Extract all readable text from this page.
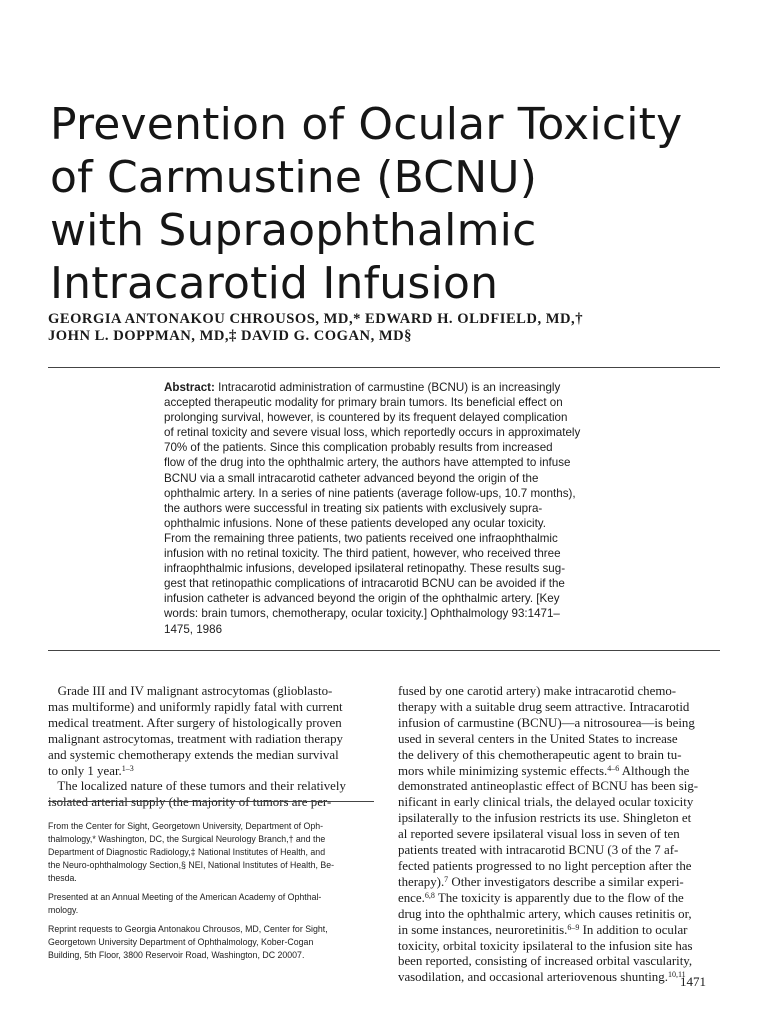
Prevention of Ocular Toxicity
of Carmustine (BCNU)
with Supraophthalmic
Intracarotid Infusion
GEORGIA ANTONAKOU CHROUSOS, MD,* EDWARD H. OLDFIELD, MD,†
JOHN L. DOPPMAN, MD,‡ DAVID G. COGAN, MD§
Abstract: Intracarotid administration of carmustine (BCNU) is an increasingly
accepted therapeutic modality for primary brain tumors. Its beneficial effect on
prolonging survival, however, is countered by its frequent delayed complication
of retinal toxicity and severe visual loss, which reportedly occurs in approximately
70% of the patients. Since this complication probably results from increased
flow of the drug into the ophthalmic artery, the authors have attempted to infuse
BCNU via a small intracarotid catheter advanced beyond the origin of the
ophthalmic artery. In a series of nine patients (average follow-ups, 10.7 months),
the authors were successful in treating six patients with exclusively supra-
ophthalmic infusions. None of these patients developed any ocular toxicity.
From the remaining three patients, two patients received one infraophthalmic
infusion with no retinal toxicity. The third patient, however, who received three
infraophthalmic infusions, developed ipsilateral retinopathy. These results sug-
gest that retinopathic complications of intracarotid BCNU can be avoided if the
infusion catheter is advanced beyond the origin of the ophthalmic artery. [Key
words: brain tumors, chemotherapy, ocular toxicity.] Ophthalmology 93:1471–
1475, 1986
Grade III and IV malignant astrocytomas (glioblasto-
mas multiforme) and uniformly rapidly fatal with current
medical treatment. After surgery of histologically proven
malignant astrocytomas, treatment with radiation therapy
and systemic chemotherapy extends the median survival
to only 1 year.$^{1-3}$
The localized nature of these tumors and their relatively
isolated arterial supply (the majority of tumors are per-

From the Center for Sight, Georgetown University, Department of Oph-
thalmology,* Washington, DC, the Surgical Neurology Branch,† and the
Department of Diagnostic Radiology,‡ National Institutes of Health, and
the Neuro-ophthalmology Section,§ NEI, National Institutes of Health, Be-
thesda.

Presented at an Annual Meeting of the American Academy of Ophthal-
mology.

Reprint requests to Georgia Antonakou Chrousos, MD, Center for Sight,
Georgetown University Department of Ophthalmology, Kober-Cogan
Building, 5th Floor, 3800 Reservoir Road, Washington, DC 20007.

fused by one carotid artery) make intracarotid chemo-
therapy with a suitable drug seem attractive. Intracarotid
infusion of carmustine (BCNU)—a nitrosourea—is being
used in several centers in the United States to increase
the delivery of this chemotherapeutic agent to brain tu-
mors while minimizing systemic effects.$^{4-6}$ Although the
demonstrated antineoplastic effect of BCNU has been sig-
nificant in early clinical trials, the delayed ocular toxicity
ipsilaterally to the infusion restricts its use. Shingleton et
al reported severe ipsilateral visual loss in seven of ten
patients treated with intracarotid BCNU (3 of the 7 af-
fected patients progressed to no light perception after the
therapy).$^7$ Other investigators describe a similar experi-
ence.$^{6,8}$ The toxicity is apparently due to the flow of the
drug into the ophthalmic artery, which causes retinitis or,
in some instances, neuroretinitis.$^{6-9}$ In addition to ocular
toxicity, orbital toxicity ipsilateral to the infusion site has
been reported, consisting of increased orbital vascularity,
vasodilation, and occasional arteriovenous shunting.$^{10,11}$
1471
